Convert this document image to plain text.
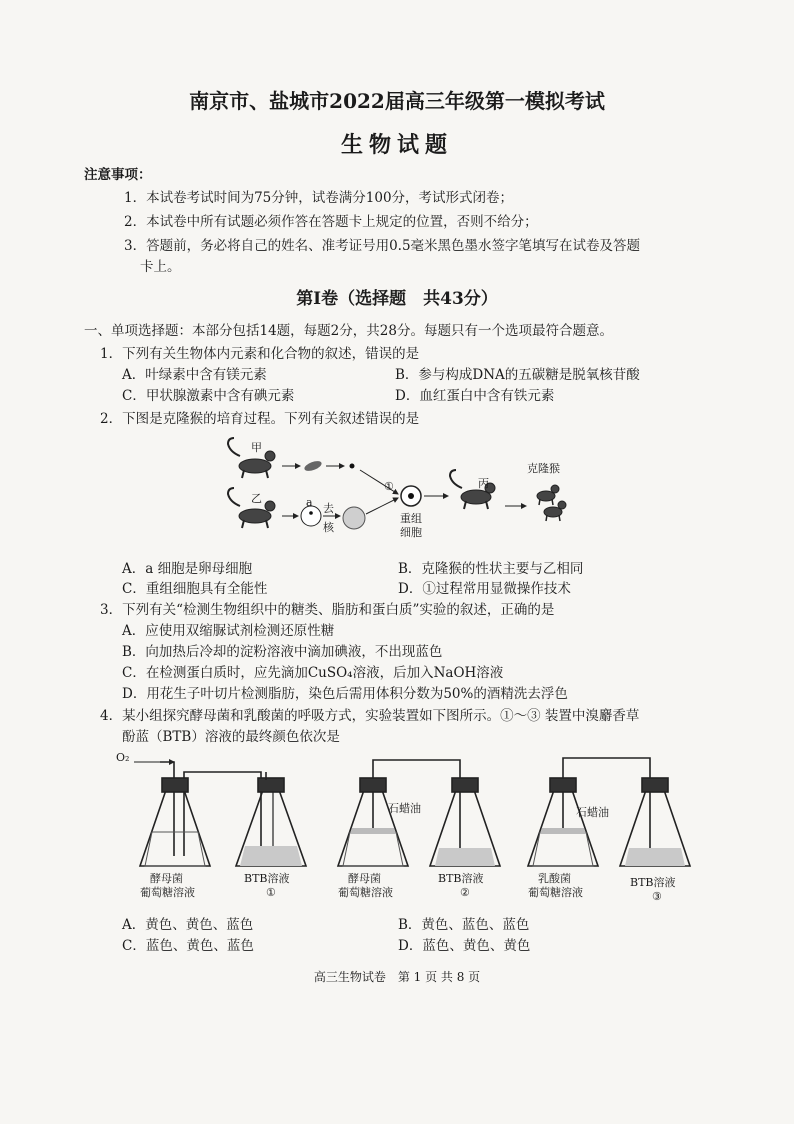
南京市、盐城市2022届高三年级第一模拟考试
生物试题
注意事项：
1．本试卷考试时间为75分钟，试卷满分100分，考试形式闭卷；
2．本试卷中所有试题必须作答在答题卡上规定的位置，否则不给分；
3．答题前，务必将自己的姓名、准考证号用0.5毫米黑色墨水签字笔填写在试卷及答题
卡上。
第Ⅰ卷（选择题　共43分）
一、单项选择题：本部分包括14题，每题2分，共28分。每题只有一个选项最符合题意。
1．下列有关生物体内元素和化合物的叙述，错误的是
A．叶绿素中含有镁元素	B．参与构成DNA的五碳糖是脱氧核苷酸
C．甲状腺激素中含有碘元素	D．血红蛋白中含有铁元素
2．下图是克隆猴的培育过程。下列有关叙述错误的是
甲
乙	a 去
核
①	丙
克隆猴
重组
细胞
A．a 细胞是卵母细胞	B．克隆猴的性状主要与乙相同
C．重组细胞具有全能性	D．①过程常用显微操作技术
3．下列有关“检测生物组织中的糖类、脂肪和蛋白质”实验的叙述，正确的是
A．应使用双缩脲试剂检测还原性糖
B．向加热后冷却的淀粉溶液中滴加碘液，不出现蓝色
C．在检测蛋白质时，应先滴加CuSO₄溶液，后加入NaOH溶液
D．用花生子叶切片检测脂肪，染色后需用体积分数为50%的酒精洗去浮色
4．某小组探究酵母菌和乳酸菌的呼吸方式，实验装置如下图所示。①～③ 装置中溴麝香草
酚蓝（BTB）溶液的最终颜色依次是
O₂
石蜡油	石蜡油
酵母菌
葡萄糖溶液
BTB溶液
①
酵母菌
葡萄糖溶液
BTB溶液
②
乳酸菌
葡萄糖溶液
BTB溶液
③
A．黄色、黄色、蓝色	B．黄色、蓝色、蓝色
C．蓝色、黄色、蓝色	D．蓝色、黄色、黄色
高三生物试卷　第 1 页 共 8 页
